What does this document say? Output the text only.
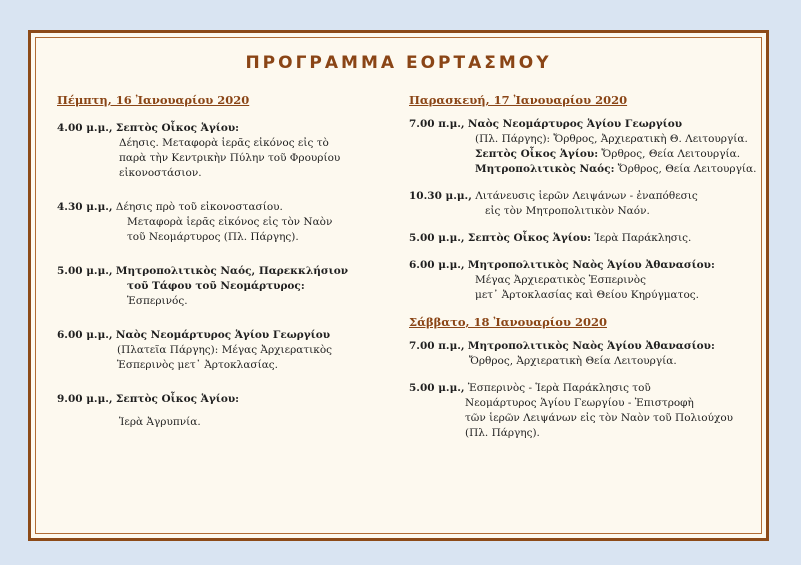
ΠΡΟΓΡΑΜΜΑ ΕΟΡΤΑΣΜΟΥ
Πέμπτη, 16 Ἰανουαρίου 2020
4.00 μ.μ., Σεπτὸς Οἶκος Ἁγίου:
Δέησις. Μεταφορὰ ἱερᾶς εἰκόνος εἰς τὸ
παρὰ τὴν Κεντρικὴν Πύλην τοῦ Φρουρίου
εἰκονοστάσιον.
4.30 μ.μ., Δέησις πρὸ τοῦ εἰκονοστασίου.
Μεταφορὰ ἱερᾶς εἰκόνος εἰς τὸν Ναὸν
τοῦ Νεομάρτυρος (Πλ. Πάργης).
5.00 μ.μ., Μητροπολιτικὸς Ναός, Παρεκκλήσιον
τοῦ Τάφου τοῦ Νεομάρτυρος:
Ἑσπερινός.
6.00 μ.μ., Ναὸς Νεομάρτυρος Ἁγίου Γεωργίου
(Πλατεῖα Πάργης): Μέγας Ἀρχιερατικὸς
Ἑσπερινὸς μετ᾽ Ἀρτοκλασίας.
9.00 μ.μ., Σεπτὸς Οἶκος Ἁγίου:
Ἱερὰ Ἀγρυπνία.
Παρασκευή, 17 Ἰανουαρίου 2020
7.00 π.μ., Ναὸς Νεομάρτυρος Ἁγίου Γεωργίου
(Πλ. Πάργης): Ὄρθρος, Ἀρχιερατικὴ Θ. Λειτουργία.
Σεπτὸς Οἶκος Ἁγίου: Ὄρθρος, Θεία Λειτουργία.
Μητροπολιτικὸς Ναός: Ὄρθρος, Θεία Λειτουργία.
10.30 μ.μ., Λιτάνευσις ἱερῶν Λειψάνων - ἐναπόθεσις
εἰς τὸν Μητροπολιτικὸν Ναόν.
5.00 μ.μ., Σεπτὸς Οἶκος Ἁγίου: Ἱερὰ Παράκλησις.
6.00 μ.μ., Μητροπολιτικὸς Ναὸς Ἁγίου Ἀθανασίου:
Μέγας Ἀρχιερατικὸς Ἑσπερινὸς
μετ᾽ Ἀρτοκλασίας καὶ Θείου Κηρύγματος.
Σάββατο, 18 Ἰανουαρίου 2020
7.00 π.μ., Μητροπολιτικὸς Ναὸς Ἁγίου Ἀθανασίου:
Ὄρθρος, Ἀρχιερατικὴ Θεία Λειτουργία.
5.00 μ.μ., Ἑσπερινὸς - Ἱερὰ Παράκλησις τοῦ
Νεομάρτυρος Ἁγίου Γεωργίου - Ἐπιστροφὴ
τῶν ἱερῶν Λειψάνων εἰς τὸν Ναὸν τοῦ Πολιούχου
(Πλ. Πάργης).
